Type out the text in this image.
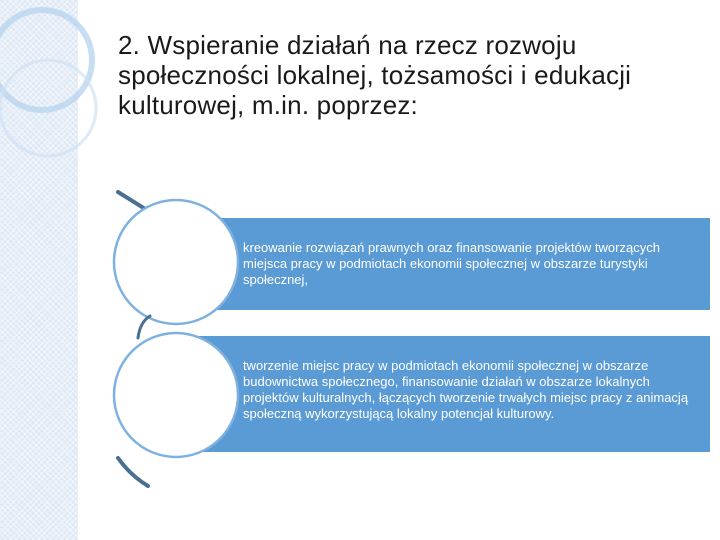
2. Wspieranie działań na rzecz rozwoju społeczności lokalnej, tożsamości i edukacji kulturowej, m.in. poprzez:
kreowanie rozwiązań prawnych oraz finansowanie projektów tworzących miejsca pracy w podmiotach ekonomii społecznej w obszarze turystyki społecznej,
tworzenie miejsc pracy w podmiotach ekonomii społecznej w obszarze budownictwa społecznego, finansowanie działań w obszarze lokalnych projektów kulturalnych, łączących tworzenie trwałych miejsc pracy z animacją społeczną wykorzystującą lokalny potencjał kulturowy.
